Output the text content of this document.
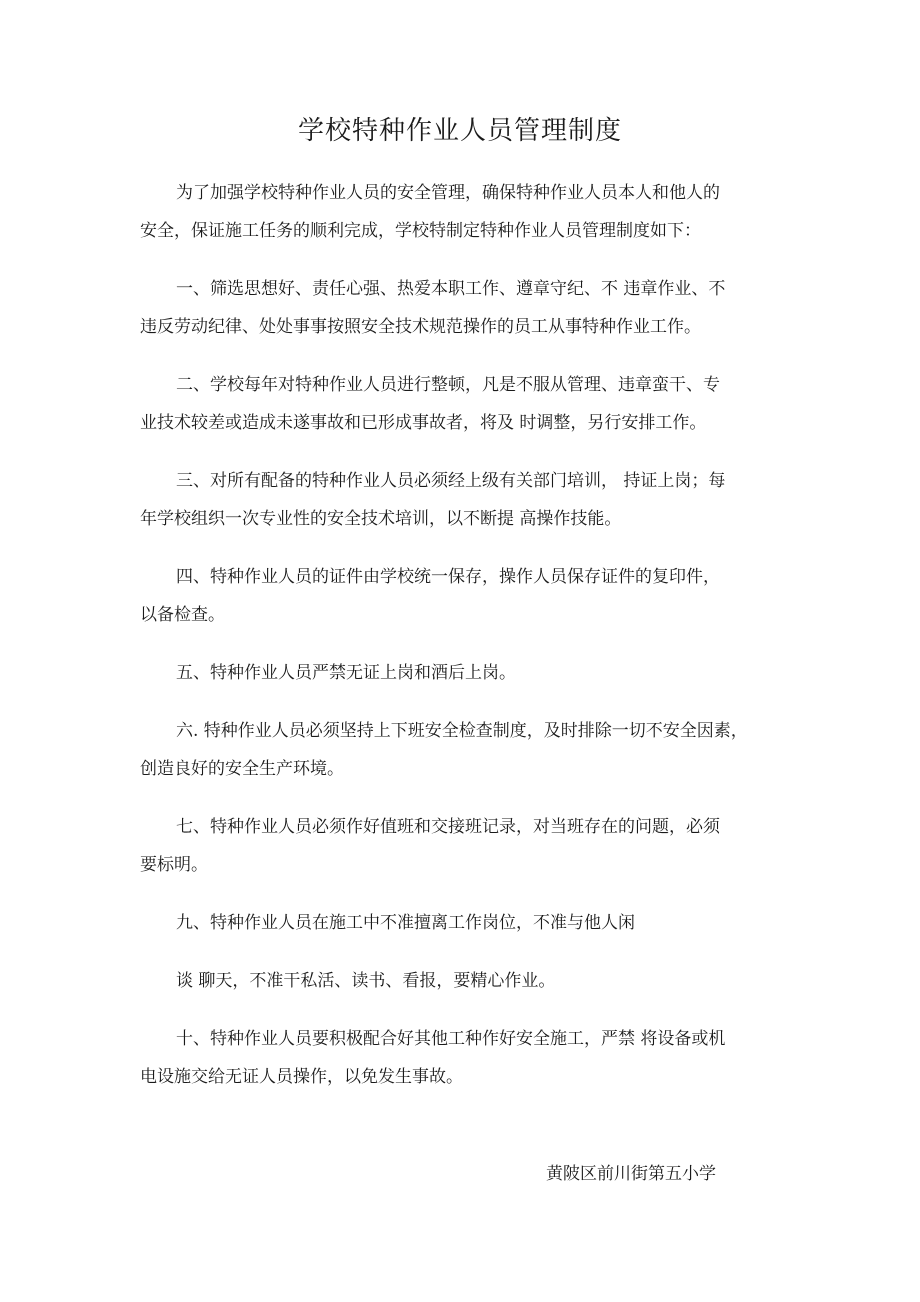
学校特种作业人员管理制度

为了加强学校特种作业人员的安全管理，确保特种作业人员本人和他人的
安全，保证施工任务的顺利完成，学校特制定特种作业人员管理制度如下：

一、筛选思想好、责任心强、热爱本职工作、遵章守纪、不 违章作业、不
违反劳动纪律、处处事事按照安全技术规范操作的员工从事特种作业工作。

二、学校每年对特种作业人员进行整顿，凡是不服从管理、违章蛮干、专
业技术较差或造成未遂事故和已形成事故者，将及 时调整，另行安排工作。

三、对所有配备的特种作业人员必须经上级有关部门培训， 持证上岗；每
年学校组织一次专业性的安全技术培训，以不断提 高操作技能。

四、特种作业人员的证件由学校统一保存，操作人员保存证件的复印件，
以备检查。

五、特种作业人员严禁无证上岗和酒后上岗。

六. 特种作业人员必须坚持上下班安全检查制度，及时排除一切不安全因素，
创造良好的安全生产环境。

七、特种作业人员必须作好值班和交接班记录，对当班存在的问题，必须
要标明。

九、特种作业人员在施工中不准擅离工作岗位，不准与他人闲

谈 聊天，不准干私活、读书、看报，要精心作业。

十、特种作业人员要积极配合好其他工种作好安全施工，严禁 将设备或机
电设施交给无证人员操作，以免发生事故。

黄陂区前川街第五小学
